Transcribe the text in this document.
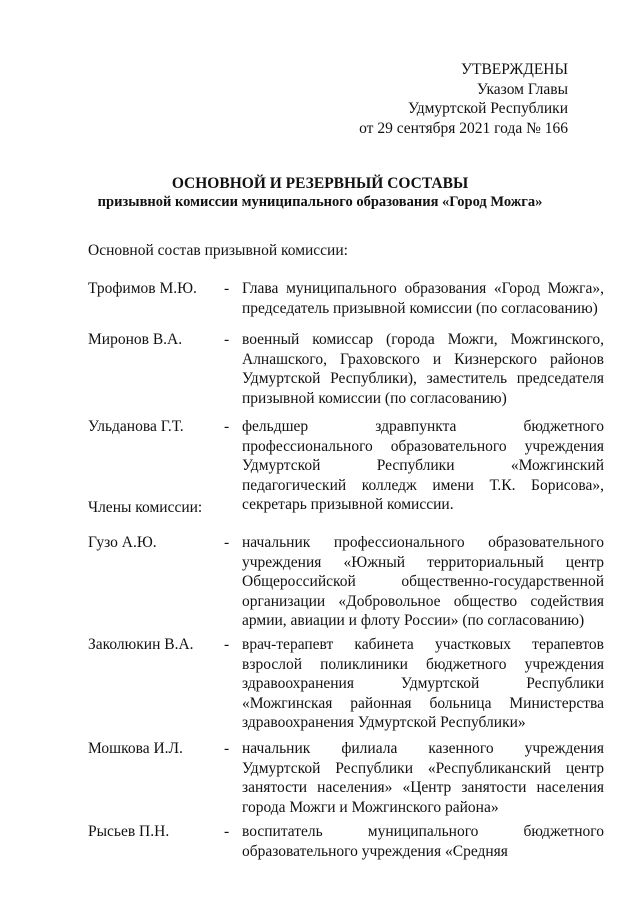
УТВЕРЖДЕНЫ
Указом Главы
Удмуртской Республики
от 29 сентября 2021 года № 166
ОСНОВНОЙ И РЕЗЕРВНЫЙ СОСТАВЫ
призывной комиссии муниципального образования «Город Можга»
Основной состав призывной комиссии:
Трофимов М.Ю. - Глава муниципального образования «Город Можга», председатель призывной комиссии (по согласованию)
Миронов В.А.	- военный комиссар (города Можги, Можгинского, Алнашского, Граховского и Кизнерского районов Удмуртской Республики), заместитель председателя призывной комиссии (по согласованию)
Ульданова Г.Т.	- фельдшер здравпункта бюджетного профессионального образовательного учреждения Удмуртской Республики «Можгинский педагогический колледж имени Т.К. Борисова», секретарь призывной комиссии.
Члены комиссии:
Гузо А.Ю.	- начальник профессионального образовательного учреждения «Южный территориальный центр Общероссийской общественно-государственной организации «Добровольное общество содействия армии, авиации и флоту России» (по согласованию)
Заколюкин В.А. - врач-терапевт кабинета участковых терапевтов взрослой поликлиники бюджетного учреждения здравоохранения Удмуртской Республики «Можгинская районная больница Министерства здравоохранения Удмуртской Республики»
Мошкова И.Л.	- начальник филиала казенного учреждения Удмуртской Республики «Республиканский центр занятости населения» «Центр занятости населения города Можги и Можгинского района»
Рысьев П.Н.	- воспитатель муниципального бюджетного образовательного учреждения «Средняя
